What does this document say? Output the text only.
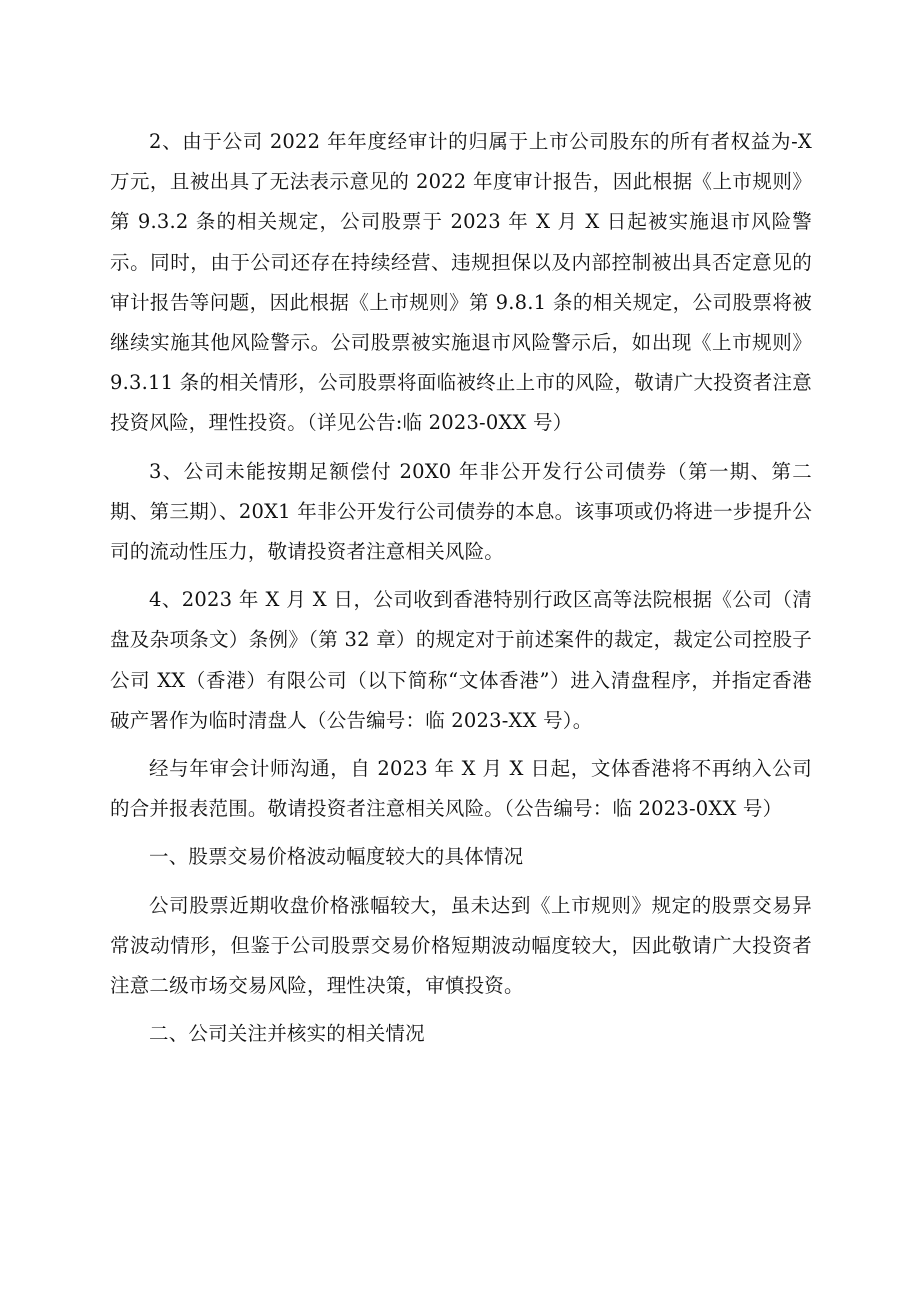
2、由于公司 2022 年年度经审计的归属于上市公司股东的所有者权益为-X 万元，且被出具了无法表示意见的 2022 年度审计报告，因此根据《上市规则》第 9.3.2 条的相关规定，公司股票于 2023 年 X 月 X 日起被实施退市风险警示。同时，由于公司还存在持续经营、违规担保以及内部控制被出具否定意见的审计报告等问题，因此根据《上市规则》第 9.8.1 条的相关规定，公司股票将被继续实施其他风险警示。公司股票被实施退市风险警示后，如出现《上市规则》9.3.11 条的相关情形，公司股票将面临被终止上市的风险，敬请广大投资者注意投资风险，理性投资。（详见公告:临 2023-0XX 号）

3、公司未能按期足额偿付 20X0 年非公开发行公司债券（第一期、第二期、第三期）、20X1 年非公开发行公司债券的本息。该事项或仍将进一步提升公司的流动性压力，敬请投资者注意相关风险。

4、2023 年 X 月 X 日，公司收到香港特别行政区高等法院根据《公司（清盘及杂项条文）条例》（第 32 章）的规定对于前述案件的裁定，裁定公司控股子公司 XX（香港）有限公司（以下简称“文体香港”）进入清盘程序，并指定香港破产署作为临时清盘人（公告编号：临 2023-XX 号）。

经与年审会计师沟通，自 2023 年 X 月 X 日起，文体香港将不再纳入公司的合并报表范围。敬请投资者注意相关风险。（公告编号：临 2023-0XX 号）

一、股票交易价格波动幅度较大的具体情况

公司股票近期收盘价格涨幅较大，虽未达到《上市规则》规定的股票交易异常波动情形，但鉴于公司股票交易价格短期波动幅度较大，因此敬请广大投资者注意二级市场交易风险，理性决策，审慎投资。

二、公司关注并核实的相关情况
